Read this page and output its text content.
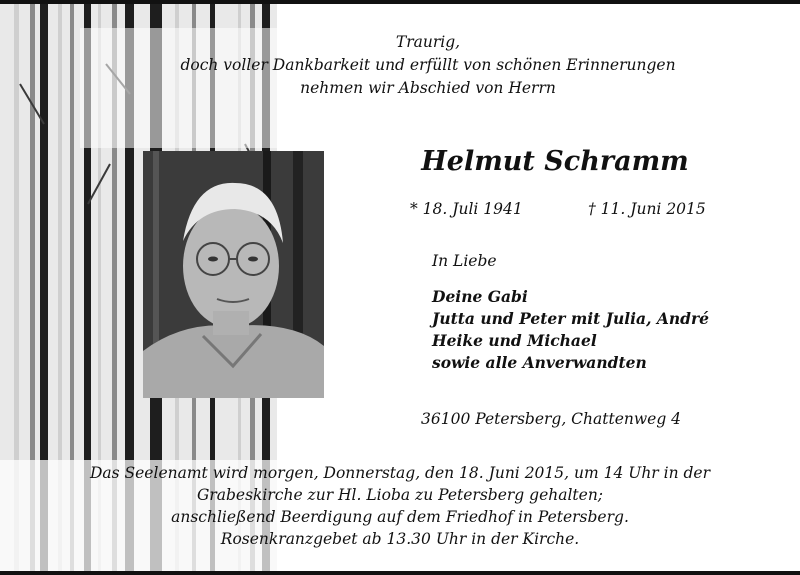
Traurig,
doch voller Dankbarkeit und erfüllt von schönen Erinnerungen
nehmen wir Abschied von Herrn
Helmut Schramm
* 18. Juli 1941	† 11. Juni 2015
In Liebe
Deine Gabi
Jutta und Peter mit Julia, André
Heike und Michael
sowie alle Anverwandten
36100 Petersberg, Chattenweg 4
Das Seelenamt wird morgen, Donnerstag, den 18. Juni 2015, um 14 Uhr in der
Grabeskirche zur Hl. Lioba zu Petersberg gehalten;
anschließend Beerdigung auf dem Friedhof in Petersberg.
Rosenkranzgebet ab 13.30 Uhr in der Kirche.
